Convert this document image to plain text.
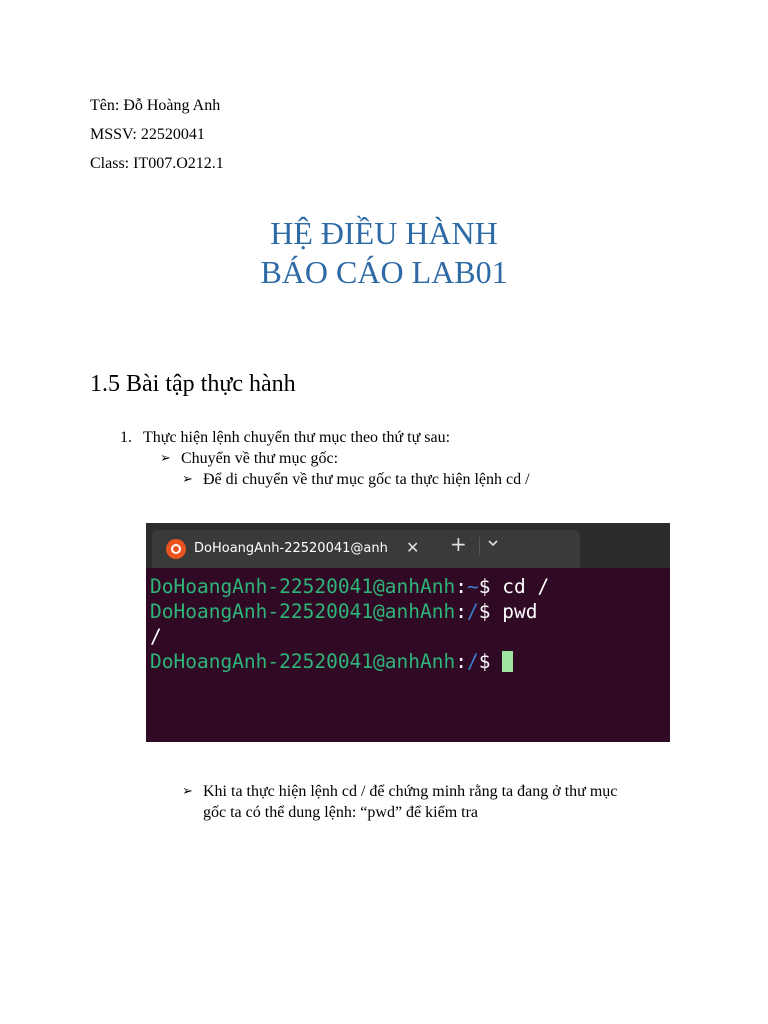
Tên: Đỗ Hoàng Anh
MSSV: 22520041
Class: IT007.O212.1
HỆ ĐIỀU HÀNH
BÁO CÁO LAB01
1.5 Bài tập thực hành
1. Thực hiện lệnh chuyển thư mục theo thứ tự sau:
➢ Chuyển về thư mục gốc:
➢ Để di chuyển về thư mục gốc ta thực hiện lệnh cd /
DoHoangAnh-22520041@anh ✕ +
DoHoangAnh-22520041@anhAnh:~$ cd /
DoHoangAnh-22520041@anhAnh:/$ pwd
/
DoHoangAnh-22520041@anhAnh:/$
➢ Khi ta thực hiện lệnh cd / để chứng minh rằng ta đang ở thư mục
gốc ta có thể dung lệnh: “pwd” để kiểm tra
